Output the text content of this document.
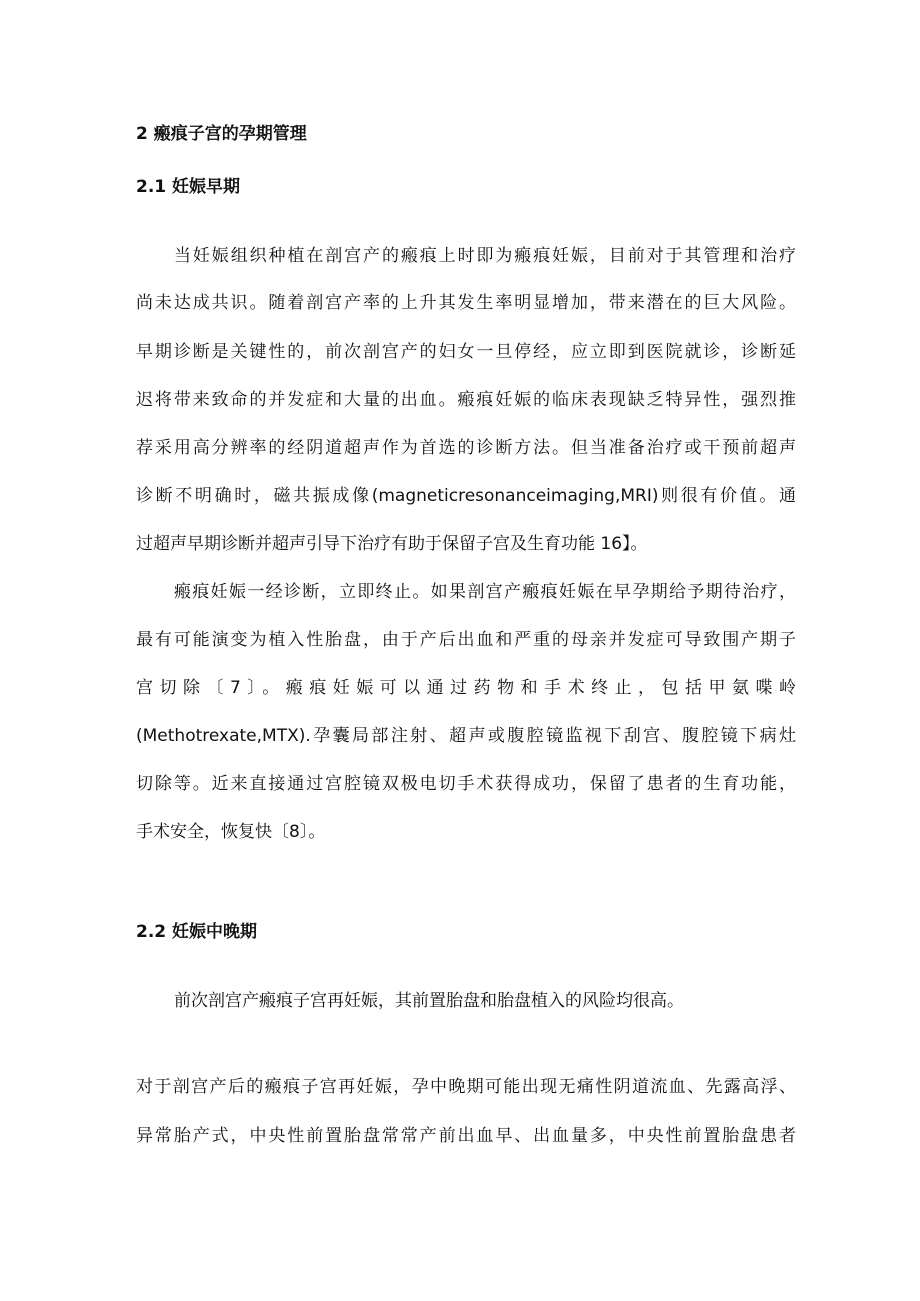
2 瘢痕子宫的孕期管理
2.1 妊娠早期
当妊娠组织种植在剖宫产的瘢痕上时即为瘢痕妊娠，目前对于其管理和治疗
尚未达成共识。随着剖宫产率的上升其发生率明显增加，带来潜在的巨大风险。
早期诊断是关键性的，前次剖宫产的妇女一旦停经，应立即到医院就诊，诊断延
迟将带来致命的并发症和大量的出血。瘢痕妊娠的临床表现缺乏特异性，强烈推
荐采用高分辨率的经阴道超声作为首选的诊断方法。但当准备治疗或干预前超声
诊断不明确时，磁共振成像(magneticresonanceimaging,MRI)则很有价值。通
过超声早期诊断并超声引导下治疗有助于保留子宫及生育功能 16】。
瘢痕妊娠一经诊断，立即终止。如果剖宫产瘢痕妊娠在早孕期给予期待治疗，
最有可能演变为植入性胎盘，由于产后出血和严重的母亲并发症可导致围产期子
宫切除〔7〕。瘢痕妊娠可以通过药物和手术终止，包括甲氨喋岭
(Methotrexate,MTX).孕囊局部注射、超声或腹腔镜监视下刮宫、腹腔镜下病灶
切除等。近来直接通过宫腔镜双极电切手术获得成功，保留了患者的生育功能，
手术安全，恢复快〔8〕。
2.2 妊娠中晚期
前次剖宫产瘢痕子宫再妊娠，其前置胎盘和胎盘植入的风险均很高。
对于剖宫产后的瘢痕子宫再妊娠，孕中晚期可能出现无痛性阴道流血、先露高浮、
异常胎产式，中央性前置胎盘常常产前出血早、出血量多，中央性前置胎盘患者
